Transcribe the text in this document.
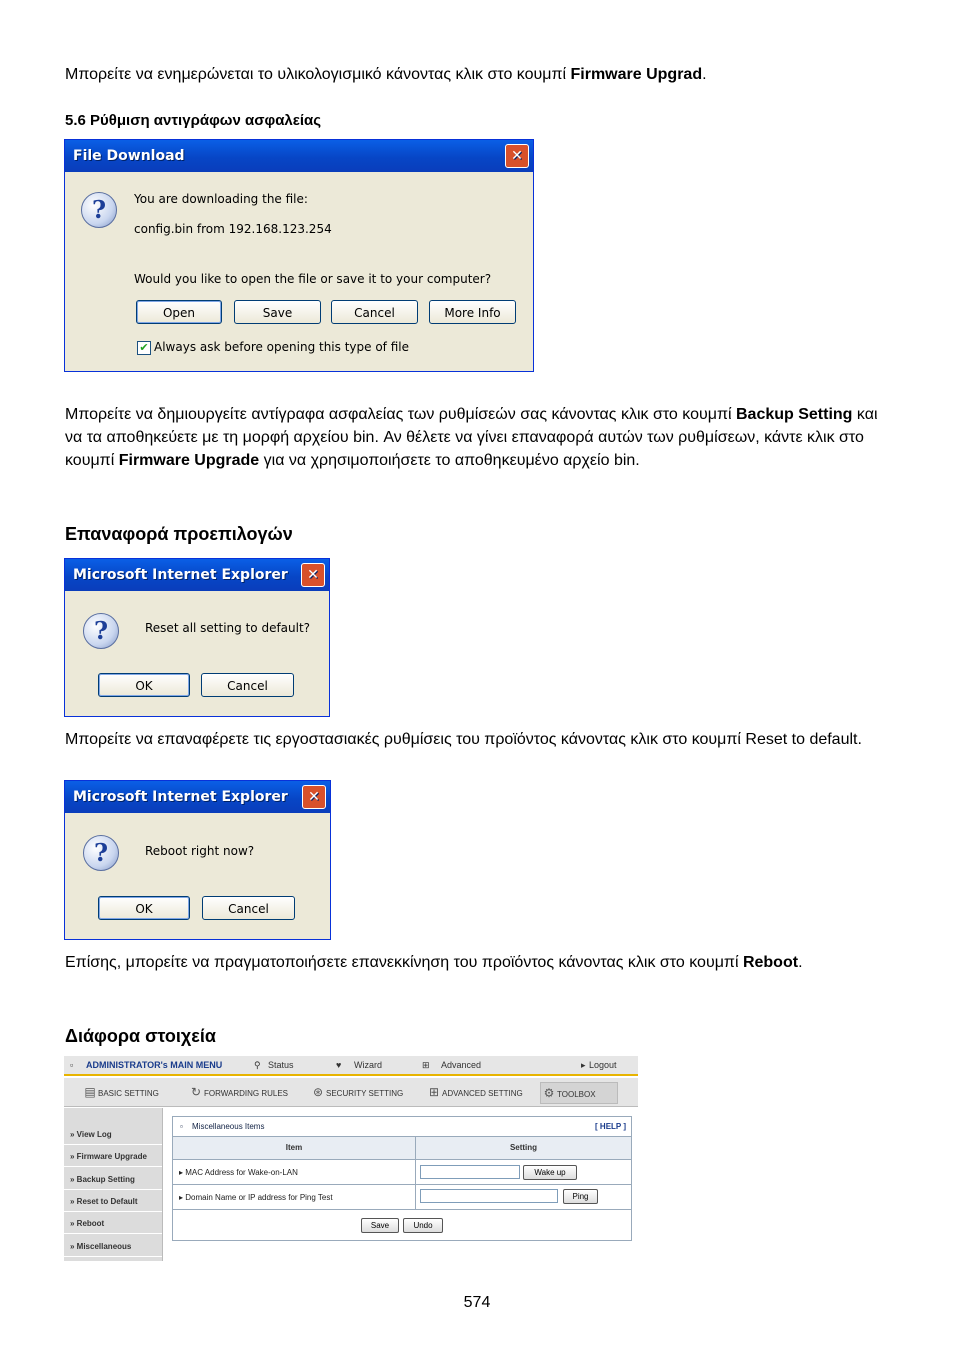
Μπορείτε να ενημερώνεται το υλικολογισμικό κάνοντας κλικ στο κουμπί Firmware Upgrad.

5.6 Ρύθμιση αντιγράφων ασφαλείας
File Download	✕
?	You are downloading the file:
config.bin from 192.168.123.254
Would you like to open the file or save it to your computer?
Open	Save	Cancel	More Info
✔ Always ask before opening this type of file

Μπορείτε να δημιουργείτε αντίγραφα ασφαλείας των ρυθμίσεών σας κάνοντας κλικ στο κουμπί Backup Setting και να τα αποθηκεύετε με τη μορφή αρχείου bin. Αν θέλετε να γίνει επαναφορά αυτών των ρυθμίσεων, κάντε κλικ στο κουμπί Firmware Upgrade για να χρησιμοποιήσετε το αποθηκευμένο αρχείο bin.

Επαναφορά προεπιλογών
Microsoft Internet Explorer	✕
?	Reset all setting to default?
OK	Cancel

Μπορείτε να επαναφέρετε τις εργοστασιακές ρυθμίσεις του προϊόντος κάνοντας κλικ στο κουμπί Reset to default.

Microsoft Internet Explorer	✕
?	Reboot right now?
OK	Cancel

Επίσης, μπορείτε να πραγματοποιήσετε επανεκκίνηση του προϊόντος κάνοντας κλικ στο κουμπί Reboot.

Διάφορα στοιχεία
▫ ADMINISTRATOR's MAIN MENU	⚲ Status	♥ Wizard	⊞ Advanced	▸ Logout
▤ BASIC SETTING	↻ FORWARDING RULES ⊛ SECURITY SETTING ⊞ ADVANCED SETTING	⚙ TOOLBOX
» View Log
» Firmware Upgrade
» Backup Setting
» Reset to Default
» Reboot
» Miscellaneous
▫ Miscellaneous Items	[ HELP ]
Item	Setting
▸ MAC Address for Wake-on-LAN	Wake up
▸ Domain Name or IP address for Ping Test	Ping
Save	Undo
574
